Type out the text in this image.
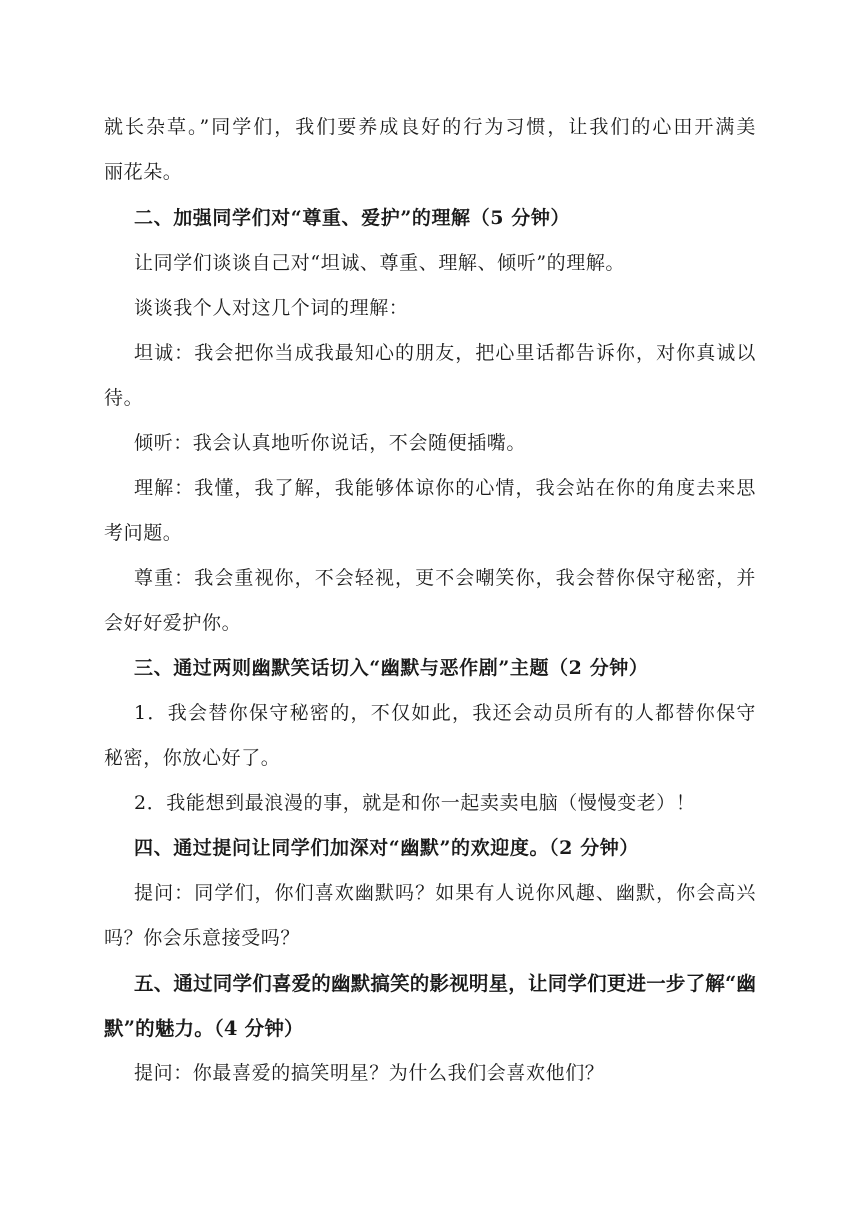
就长杂草。”同学们，我们要养成良好的行为习惯，让我们的心田开满美
丽花朵。
二、加强同学们对“尊重、爱护”的理解（5 分钟）
让同学们谈谈自己对“坦诚、尊重、理解、倾听”的理解。
谈谈我个人对这几个词的理解：
坦诚：我会把你当成我最知心的朋友，把心里话都告诉你，对你真诚以
待。
倾听：我会认真地听你说话，不会随便插嘴。
理解：我懂，我了解，我能够体谅你的心情，我会站在你的角度去来思
考问题。
尊重：我会重视你，不会轻视，更不会嘲笑你，我会替你保守秘密，并
会好好爱护你。
三、通过两则幽默笑话切入“幽默与恶作剧”主题（2 分钟）
1．我会替你保守秘密的，不仅如此，我还会动员所有的人都替你保守
秘密，你放心好了。
2．我能想到最浪漫的事，就是和你一起卖卖电脑（慢慢变老）！
四、通过提问让同学们加深对“幽默”的欢迎度。（2 分钟）
提问：同学们，你们喜欢幽默吗？如果有人说你风趣、幽默，你会高兴
吗？你会乐意接受吗？
五、通过同学们喜爱的幽默搞笑的影视明星，让同学们更进一步了解“幽
默”的魅力。（4 分钟）
提问：你最喜爱的搞笑明星？为什么我们会喜欢他们？
